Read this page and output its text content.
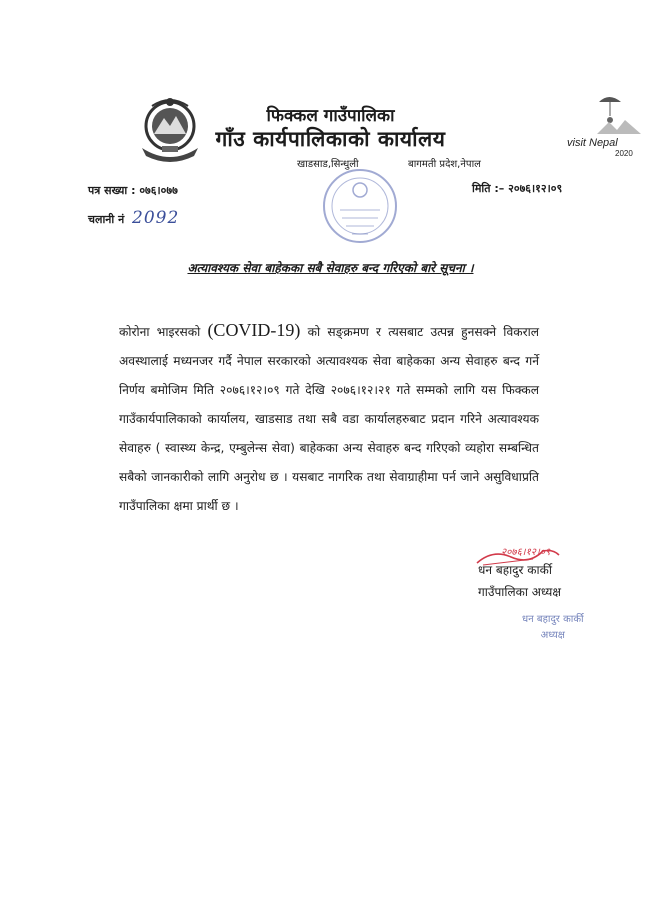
visit Nepal
2020
फिक्कल गाउँपालिका
गाँउ कार्यपालिकाको कार्यालय
खाडसाड,सिन्धुली	बागमती प्रदेश,नेपाल
पत्र सख्या : ०७६।०७७
चलानी नं 2092
मिति :– २०७६।१२।०९
अत्यावश्यक सेवा बाहेकका सबै सेवाहरु बन्द गरिएको बारे सूचना ।
कोरोना भाइरसको (COVID-19) को सङ्क्रमण र त्यसबाट उत्पन्न हुनसक्ने विकराल अवस्थालाई मध्यनजर गर्दै नेपाल सरकारको अत्यावश्यक सेवा बाहेकका अन्य सेवाहरु बन्द गर्ने निर्णय बमोजिम मिति २०७६।१२।०९ गते देखि २०७६।१२।२१ गते सम्मको लागि यस फिक्कल गाउँकार्यपालिकाको कार्यालय, खाडसाड तथा सबै वडा कार्यालहरुबाट प्रदान गरिने अत्यावश्यक सेवाहरु ( स्वास्थ्य केन्द्र, एम्बुलेन्स सेवा) बाहेकका अन्य सेवाहरु बन्द गरिएको व्यहोरा सम्बन्धित सबैको जानकारीको लागि अनुरोध छ । यसबाट नागरिक तथा सेवाग्राहीमा पर्न जाने असुविधाप्रति गाउँपालिका क्षमा प्रार्थी छ ।
२०७६।१२।०९
धन बहादुर कार्की
गाउँपालिका अध्यक्ष
धन बहादुर कार्की
अध्यक्ष
